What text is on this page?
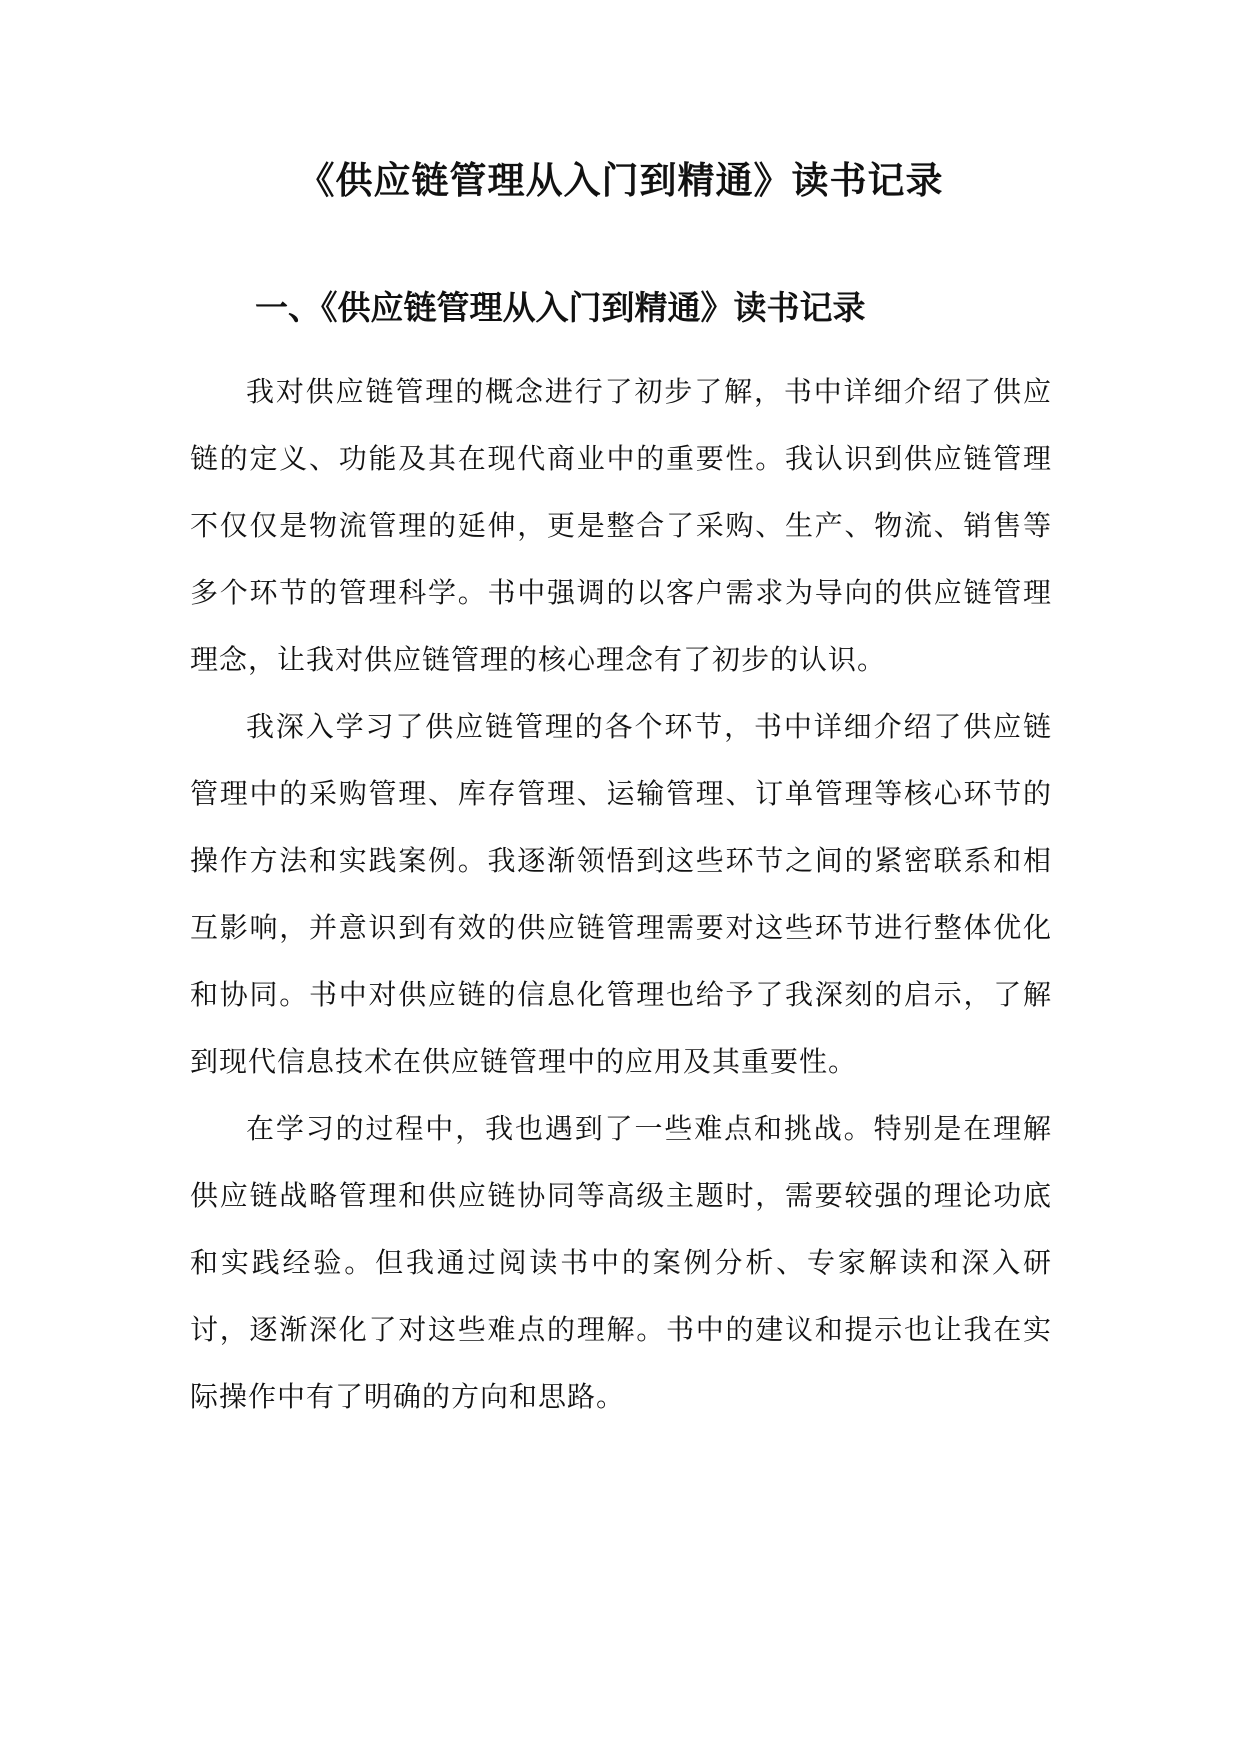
《供应链管理从入门到精通》读书记录
一、《供应链管理从入门到精通》读书记录

我对供应链管理的概念进行了初步了解，书中详细介绍了供应链的定义、功能及其在现代商业中的重要性。我认识到供应链管理不仅仅是物流管理的延伸，更是整合了采购、生产、物流、销售等多个环节的管理科学。书中强调的以客户需求为导向的供应链管理理念，让我对供应链管理的核心理念有了初步的认识。

我深入学习了供应链管理的各个环节，书中详细介绍了供应链管理中的采购管理、库存管理、运输管理、订单管理等核心环节的操作方法和实践案例。我逐渐领悟到这些环节之间的紧密联系和相互影响，并意识到有效的供应链管理需要对这些环节进行整体优化和协同。书中对供应链的信息化管理也给予了我深刻的启示，了解到现代信息技术在供应链管理中的应用及其重要性。

在学习的过程中，我也遇到了一些难点和挑战。特别是在理解供应链战略管理和供应链协同等高级主题时，需要较强的理论功底和实践经验。但我通过阅读书中的案例分析、专家解读和深入研讨，逐渐深化了对这些难点的理解。书中的建议和提示也让我在实际操作中有了明确的方向和思路。
